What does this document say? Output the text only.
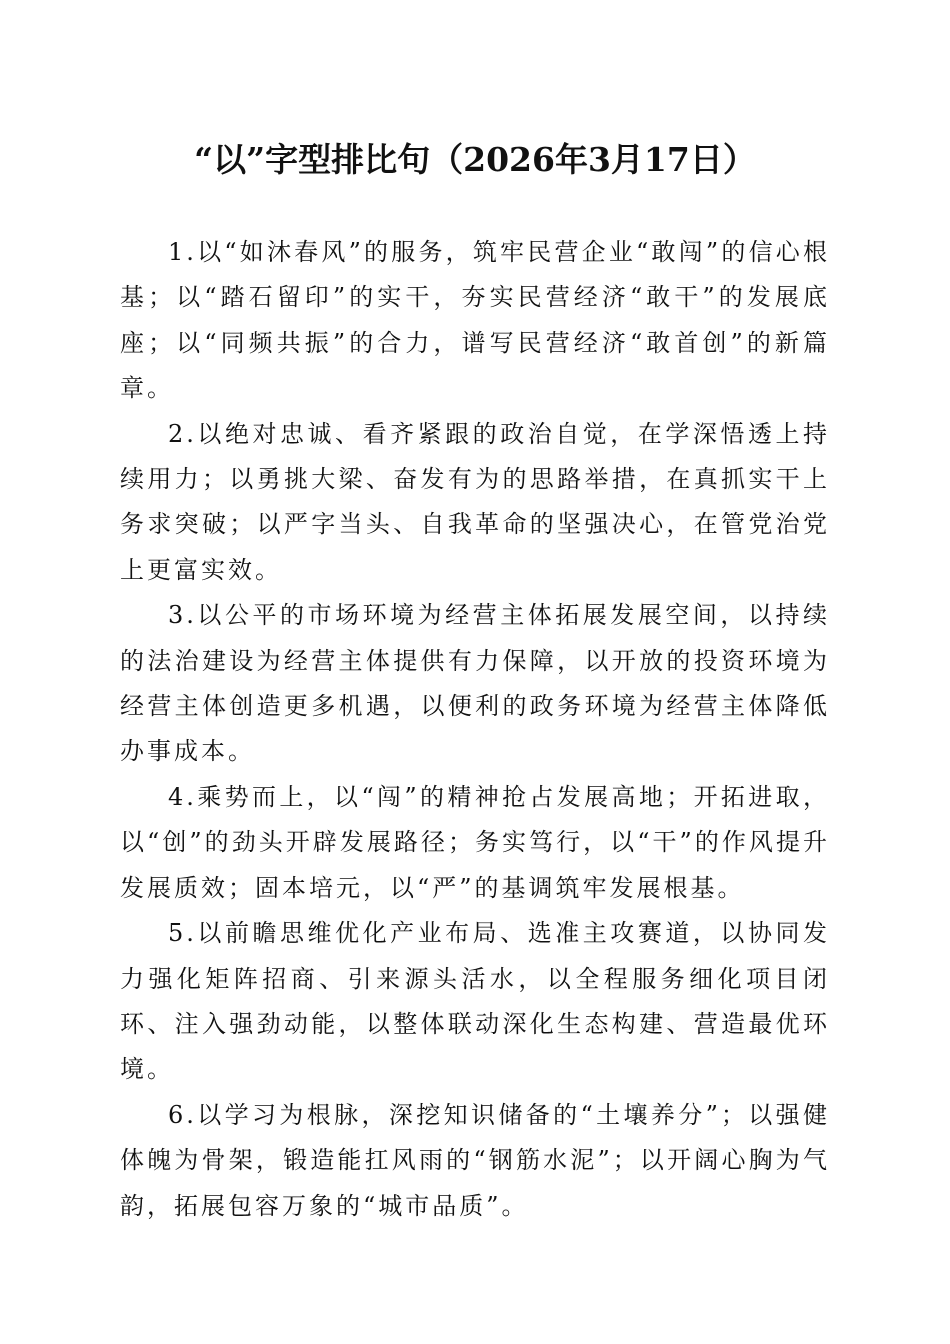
“以”字型排比句（2026年3月17日）

1.以“如沐春风”的服务，筑牢民营企业“敢闯”的信心根基；以“踏石留印”的实干，夯实民营经济“敢干”的发展底座；以“同频共振”的合力，谱写民营经济“敢首创”的新篇章。

2.以绝对忠诚、看齐紧跟的政治自觉，在学深悟透上持续用力；以勇挑大梁、奋发有为的思路举措，在真抓实干上务求突破；以严字当头、自我革命的坚强决心，在管党治党上更富实效。

3.以公平的市场环境为经营主体拓展发展空间，以持续的法治建设为经营主体提供有力保障，以开放的投资环境为经营主体创造更多机遇，以便利的政务环境为经营主体降低办事成本。

4.乘势而上，以“闯”的精神抢占发展高地；开拓进取，以“创”的劲头开辟发展路径；务实笃行，以“干”的作风提升发展质效；固本培元，以“严”的基调筑牢发展根基。

5.以前瞻思维优化产业布局、选准主攻赛道，以协同发力强化矩阵招商、引来源头活水，以全程服务细化项目闭环、注入强劲动能，以整体联动深化生态构建、营造最优环境。

6.以学习为根脉，深挖知识储备的“土壤养分”；以强健体魄为骨架，锻造能扛风雨的“钢筋水泥”；以开阔心胸为气韵，拓展包容万象的“城市品质”。
